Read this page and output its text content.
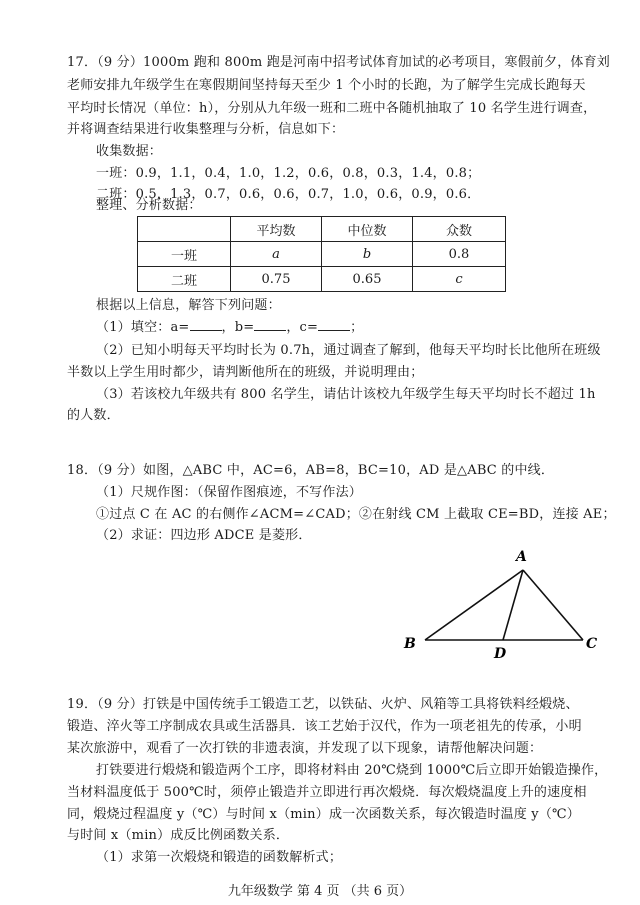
17．（9 分）1000m 跑和 800m 跑是河南中招考试体育加试的必考项目，寒假前夕，体育刘
老师安排九年级学生在寒假期间坚持每天至少 1 个小时的长跑，为了解学生完成长跑每天
平均时长情况（单位：h），分别从九年级一班和二班中各随机抽取了 10 名学生进行调查，
并将调查结果进行收集整理与分析，信息如下：
收集数据：
一班：0.9，1.1，0.4，1.0，1.2，0.6，0.8，0.3，1.4，0.8；
二班：0.5，1.3，0.7，0.6，0.6，0.7，1.0，0.6，0.9，0.6．
整理、分析数据：
	平均数	中位数	众数
一班	a	b	0.8
二班	0.75	0.65	c
根据以上信息，解答下列问题：
（1）填空：a= ，b= ，c= ；
（2）已知小明每天平均时长为 0.7h，通过调查了解到，他每天平均时长比他所在班级
半数以上学生用时都少，请判断他所在的班级，并说明理由；
（3）若该校九年级共有 800 名学生，请估计该校九年级学生每天平均时长不超过 1h
的人数．
18．（9 分）如图，△ABC 中，AC=6，AB=8，BC=10，AD 是△ABC 的中线．
（1）尺规作图：（保留作图痕迹，不写作法）
①过点 C 在 AC 的右侧作∠ACM=∠CAD；②在射线 CM 上截取 CE=BD，连接 AE；
（2）求证：四边形 ADCE 是菱形．
A
B	C
D
19．（9 分）打铁是中国传统手工锻造工艺，以铁砧、火炉、风箱等工具将铁料经煅烧、
锻造、淬火等工序制成农具或生活器具．该工艺始于汉代，作为一项老祖先的传承，小明
某次旅游中，观看了一次打铁的非遗表演，并发现了以下现象，请帮他解决问题：
打铁要进行煅烧和锻造两个工序，即将材料由 20℃烧到 1000℃后立即开始锻造操作，
当材料温度低于 500℃时，须停止锻造并立即进行再次煅烧．每次煅烧温度上升的速度相
同，煅烧过程温度 y（℃）与时间 x（min）成一次函数关系，每次锻造时温度 y（℃）
与时间 x（min）成反比例函数关系．
（1）求第一次煅烧和锻造的函数解析式；
九年级数学 第 4 页 （共 6 页）
